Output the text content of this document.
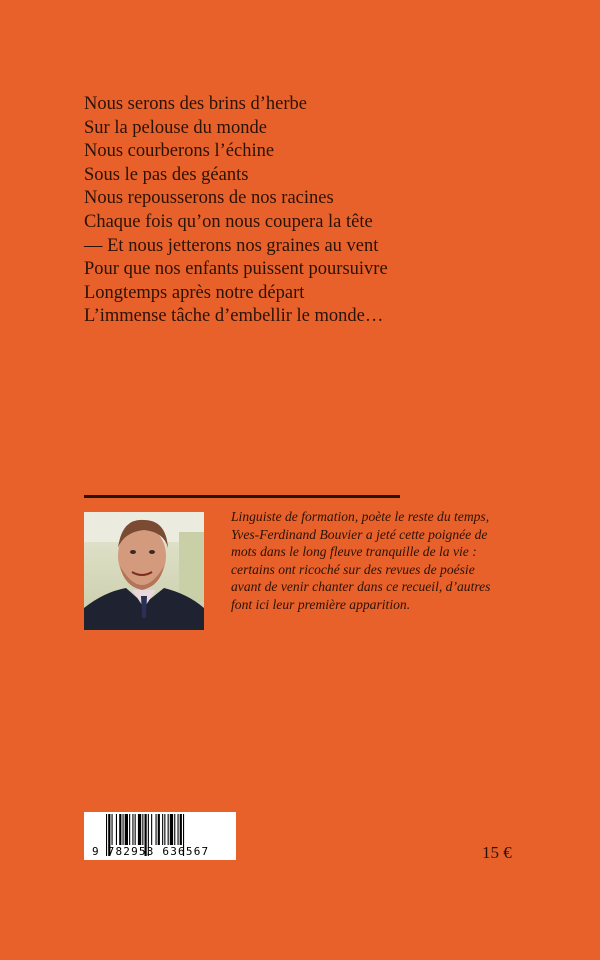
Nous serons des brins d’herbe
Sur la pelouse du monde
Nous courberons l’échine
Sous le pas des géants
Nous repousserons de nos racines
Chaque fois qu’on nous coupera la tête
— Et nous jetterons nos graines au vent
Pour que nos enfants puissent poursuivre
Longtemps après notre départ
L’immense tâche d’embellir le monde…
Linguiste de formation, poète le reste du temps,
Yves-Ferdinand Bouvier a jeté cette poignée de
mots dans le long fleuve tranquille de la vie :
certains ont ricoché sur des revues de poésie
avant de venir chanter dans ce recueil, d’autres
font ici leur première apparition.
9 782953 636567	15 €
